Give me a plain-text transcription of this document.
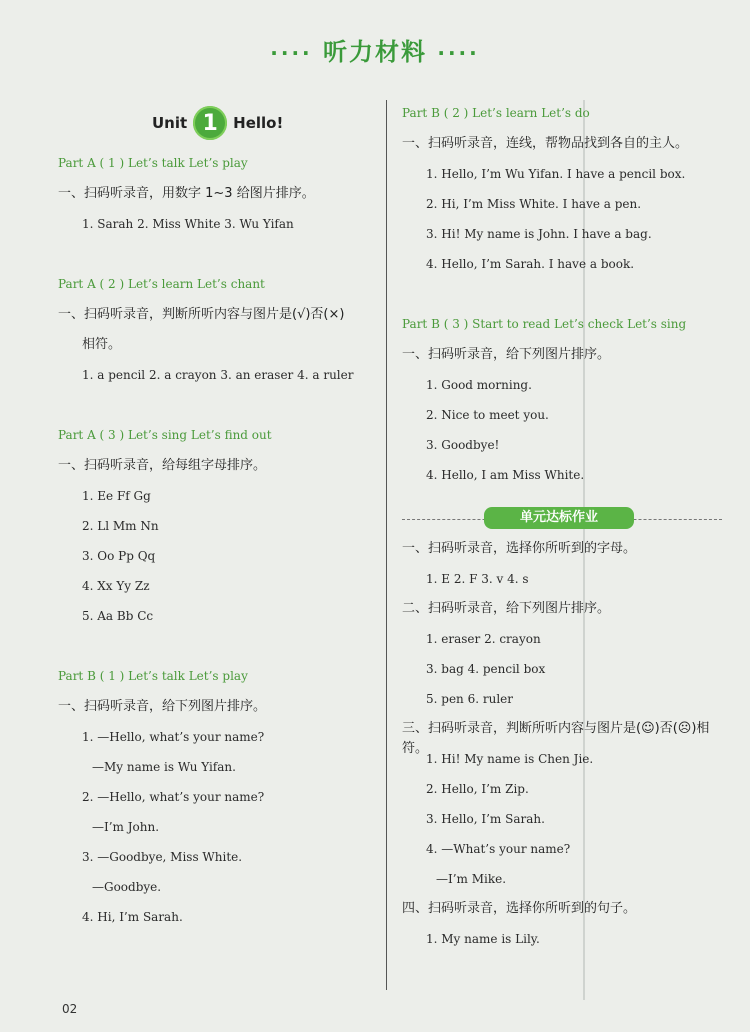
···· 听力材料 ····
Unit 1	Hello!
Part A ( 1 ) Let’s talk Let’s play
一、扫码听录音，用数字 1~3 给图片排序。
1. Sarah 2. Miss White 3. Wu Yifan
Part A ( 2 ) Let’s learn Let’s chant
一、扫码听录音，判断所听内容与图片是(√)否(×)
相符。
1. a pencil 2. a crayon 3. an eraser 4. a ruler
Part A ( 3 ) Let’s sing Let’s find out
一、扫码听录音，给每组字母排序。
1. Ee Ff Gg
2. Ll Mm Nn
3. Oo Pp Qq
4. Xx Yy Zz
5. Aa Bb Cc
Part B ( 1 ) Let’s talk Let’s play
一、扫码听录音，给下列图片排序。
1. —Hello, what’s your name?
—My name is Wu Yifan.
2. —Hello, what’s your name?
—I’m John.
3. —Goodbye, Miss White.
—Goodbye.
4. Hi, I’m Sarah.
Part B ( 2 ) Let’s learn Let’s do
一、扫码听录音，连线，帮物品找到各自的主人。
1. Hello, I’m Wu Yifan. I have a pencil box.
2. Hi, I’m Miss White. I have a pen.
3. Hi! My name is John. I have a bag.
4. Hello, I’m Sarah. I have a book.
Part B ( 3 ) Start to read Let’s check Let’s sing
一、扫码听录音，给下列图片排序。
1. Good morning.
2. Nice to meet you.
3. Goodbye!
4. Hello, I am Miss White.
单元达标作业
一、扫码听录音，选择你所听到的字母。
1. E 2. F 3. v 4. s
二、扫码听录音，给下列图片排序。
1. eraser 2. crayon
3. bag 4. pencil box
5. pen 6. ruler
三、扫码听录音，判断所听内容与图片是(☺)否(☹)相符。
1. Hi! My name is Chen Jie.
2. Hello, I’m Zip.
3. Hello, I’m Sarah.
4. —What’s your name?
—I’m Mike.
四、扫码听录音，选择你所听到的句子。
1. My name is Lily.
02
